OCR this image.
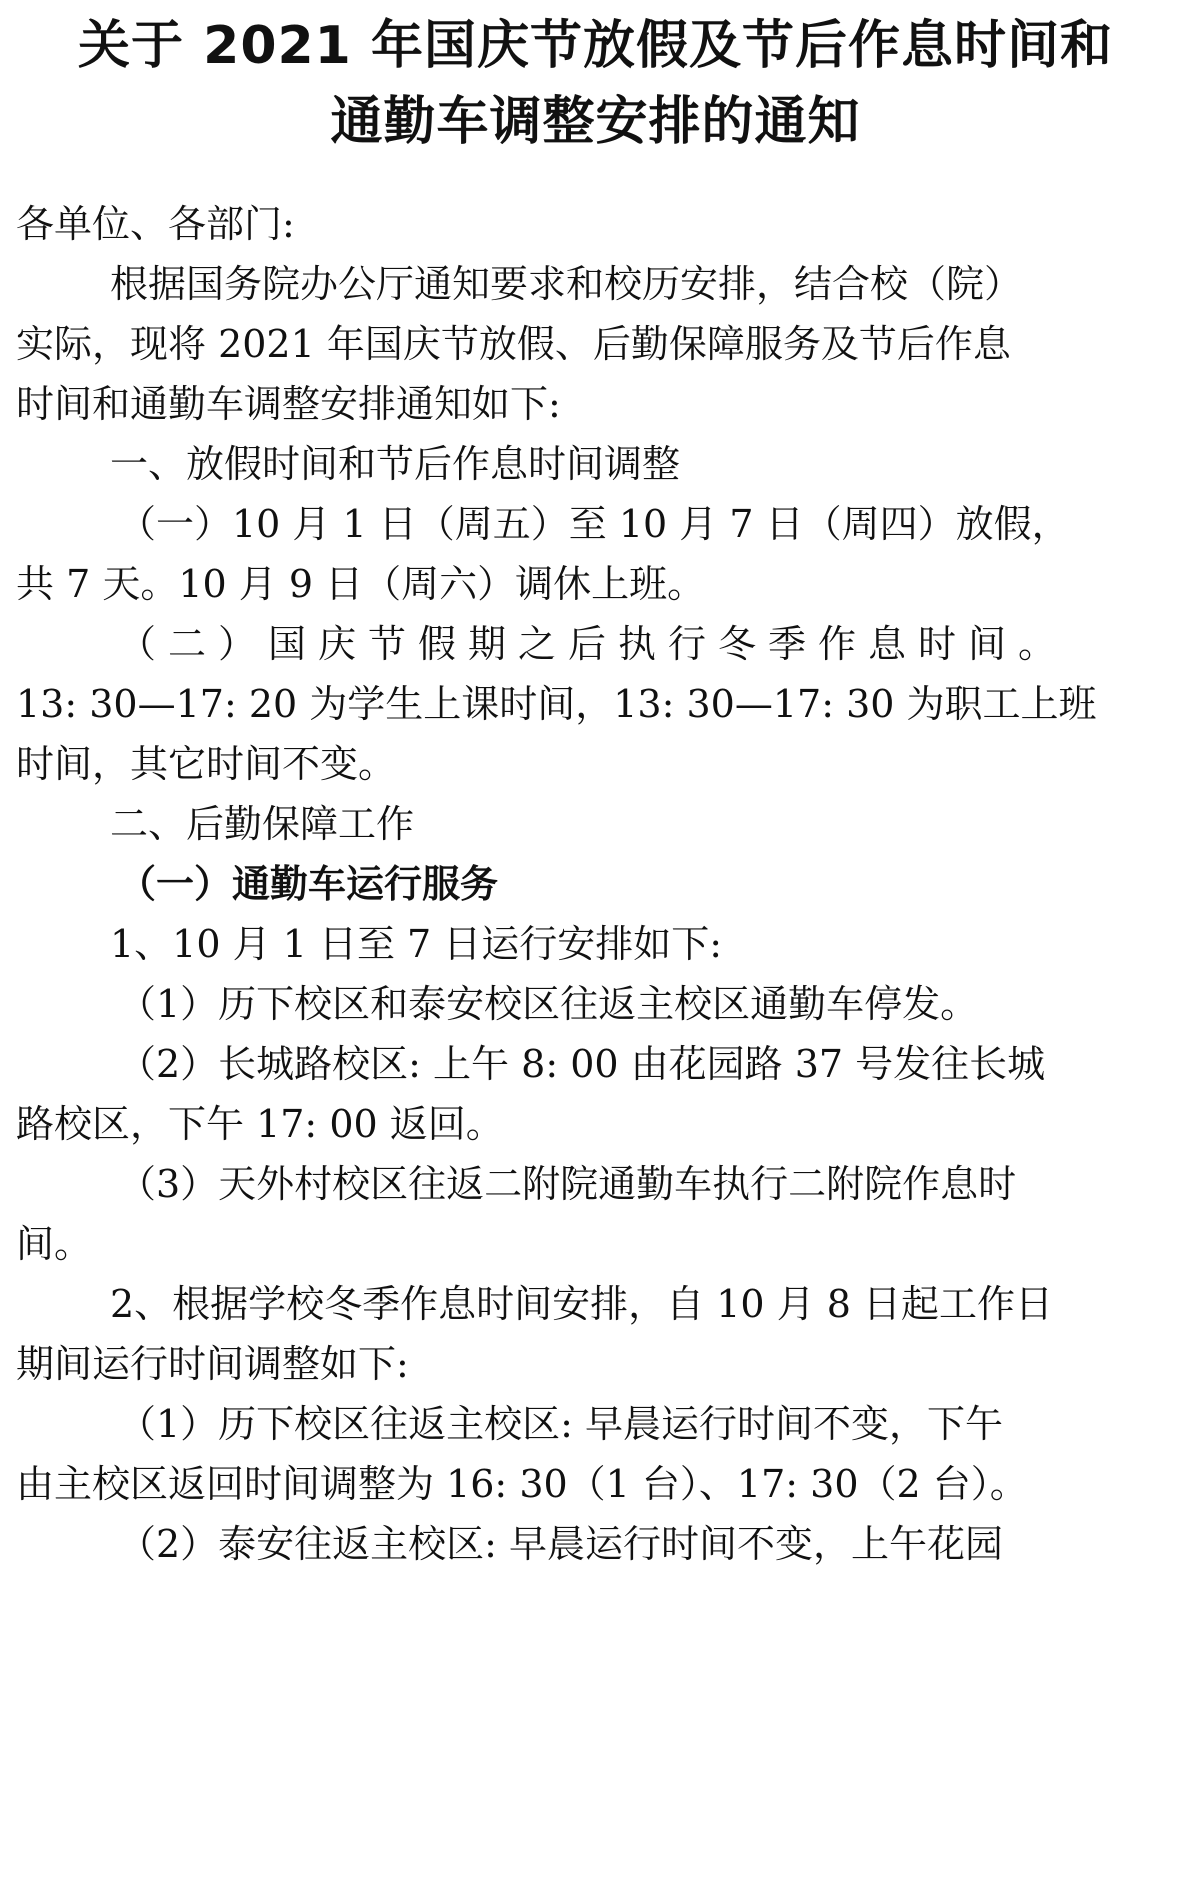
关于 2021 年国庆节放假及节后作息时间和
通勤车调整安排的通知

各单位、各部门:

根据国务院办公厅通知要求和校历安排，结合校（院）

实际，现将 2021 年国庆节放假、后勤保障服务及节后作息

时间和通勤车调整安排通知如下:

一、放假时间和节后作息时间调整

（一）10 月 1 日（周五）至 10 月 7 日（周四）放假，

共 7 天。10 月 9 日（周六）调休上班。

（二）国庆节假期之后执行冬季作息时间。

13: 30—17: 20 为学生上课时间，13: 30—17: 30 为职工上班

时间，其它时间不变。

二、后勤保障工作

（一）通勤车运行服务

1、10 月 1 日至 7 日运行安排如下:

（1）历下校区和泰安校区往返主校区通勤车停发。

（2）长城路校区: 上午 8: 00 由花园路 37 号发往长城

路校区，下午 17: 00 返回。

（3）天外村校区往返二附院通勤车执行二附院作息时

间。

2、根据学校冬季作息时间安排，自 10 月 8 日起工作日

期间运行时间调整如下:

（1）历下校区往返主校区: 早晨运行时间不变，下午

由主校区返回时间调整为 16: 30（1 台）、17: 30（2 台）。

（2）泰安往返主校区: 早晨运行时间不变，上午花园
